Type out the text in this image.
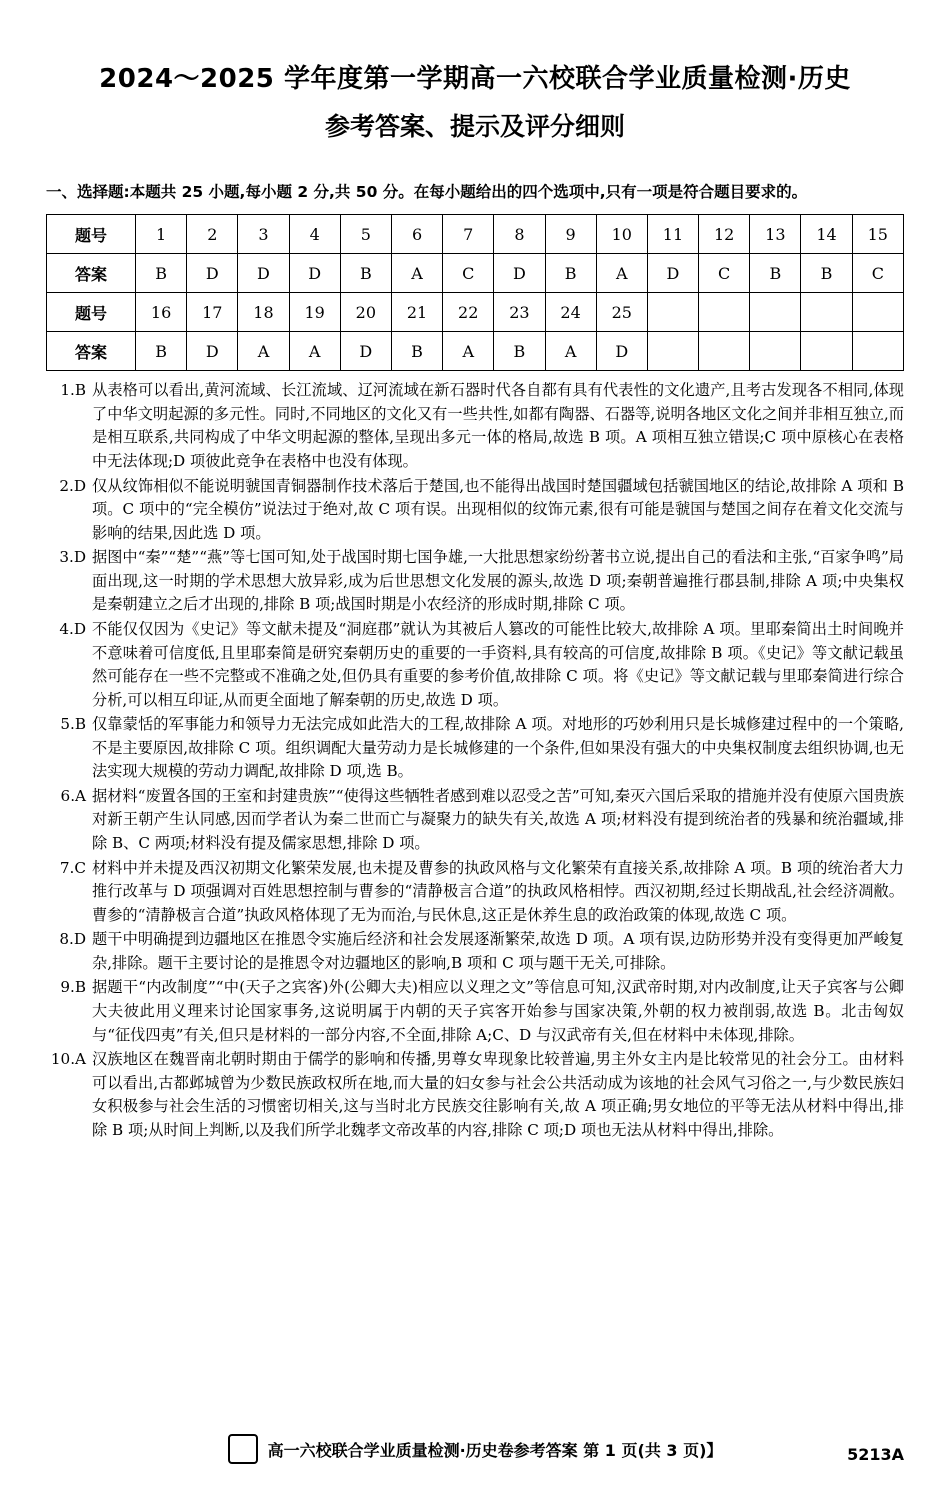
2024～2025 学年度第一学期高一六校联合学业质量检测·历史
参考答案、提示及评分细则
一、选择题:本题共 25 小题,每小题 2 分,共 50 分。在每小题给出的四个选项中,只有一项是符合题目要求的。
题号	1	2	3	4	5	6	7	8	9	10	11	12	13	14	15
答案	B	D	D	D	B	A	C	D	B	A	D	C	B	B	C
题号	16	17	18	19	20	21	22	23	24	25					
答案	B	D	A	A	D	B	A	B	A	D					
1.B 从表格可以看出,黄河流域、长江流域、辽河流域在新石器时代各自都有具有代表性的文化遗产,且考古发现各不相同,体现了中华文明起源的多元性。同时,不同地区的文化又有一些共性,如都有陶器、石器等,说明各地区文化之间并非相互独立,而是相互联系,共同构成了中华文明起源的整体,呈现出多元一体的格局,故选 B 项。A 项相互独立错误;C 项中原核心在表格中无法体现;D 项彼此竞争在表格中也没有体现。
2.D 仅从纹饰相似不能说明虢国青铜器制作技术落后于楚国,也不能得出战国时楚国疆域包括虢国地区的结论,故排除 A 项和 B 项。C 项中的“完全模仿”说法过于绝对,故 C 项有误。出现相似的纹饰元素,很有可能是虢国与楚国之间存在着文化交流与影响的结果,因此选 D 项。
3.D 据图中“秦”“楚”“燕”等七国可知,处于战国时期七国争雄,一大批思想家纷纷著书立说,提出自己的看法和主张,“百家争鸣”局面出现,这一时期的学术思想大放异彩,成为后世思想文化发展的源头,故选 D 项;秦朝普遍推行郡县制,排除 A 项;中央集权是秦朝建立之后才出现的,排除 B 项;战国时期是小农经济的形成时期,排除 C 项。
4.D 不能仅仅因为《史记》等文献未提及“洞庭郡”就认为其被后人篡改的可能性比较大,故排除 A 项。里耶秦简出土时间晚并不意味着可信度低,且里耶秦简是研究秦朝历史的重要的一手资料,具有较高的可信度,故排除 B 项。《史记》等文献记载虽然可能存在一些不完整或不准确之处,但仍具有重要的参考价值,故排除 C 项。将《史记》等文献记载与里耶秦简进行综合分析,可以相互印证,从而更全面地了解秦朝的历史,故选 D 项。
5.B 仅靠蒙恬的军事能力和领导力无法完成如此浩大的工程,故排除 A 项。对地形的巧妙利用只是长城修建过程中的一个策略,不是主要原因,故排除 C 项。组织调配大量劳动力是长城修建的一个条件,但如果没有强大的中央集权制度去组织协调,也无法实现大规模的劳动力调配,故排除 D 项,选 B。
6.A 据材料“废置各国的王室和封建贵族”“使得这些牺牲者感到难以忍受之苦”可知,秦灭六国后采取的措施并没有使原六国贵族对新王朝产生认同感,因而学者认为秦二世而亡与凝聚力的缺失有关,故选 A 项;材料没有提到统治者的残暴和统治疆域,排除 B、C 两项;材料没有提及儒家思想,排除 D 项。
7.C 材料中并未提及西汉初期文化繁荣发展,也未提及曹参的执政风格与文化繁荣有直接关系,故排除 A 项。B 项的统治者大力推行改革与 D 项强调对百姓思想控制与曹参的“清静极言合道”的执政风格相悖。西汉初期,经过长期战乱,社会经济凋敝。曹参的“清静极言合道”执政风格体现了无为而治,与民休息,这正是休养生息的政治政策的体现,故选 C 项。
8.D 题干中明确提到边疆地区在推恩令实施后经济和社会发展逐渐繁荣,故选 D 项。A 项有误,边防形势并没有变得更加严峻复杂,排除。题干主要讨论的是推恩令对边疆地区的影响,B 项和 C 项与题干无关,可排除。
9.B 据题干“内改制度”“中(天子之宾客)外(公卿大夫)相应以义理之文”等信息可知,汉武帝时期,对内改制度,让天子宾客与公卿大夫彼此用义理来讨论国家事务,这说明属于内朝的天子宾客开始参与国家决策,外朝的权力被削弱,故选 B。北击匈奴与“征伐四夷”有关,但只是材料的一部分内容,不全面,排除 A;C、D 与汉武帝有关,但在材料中未体现,排除。
10.A 汉族地区在魏晋南北朝时期由于儒学的影响和传播,男尊女卑现象比较普遍,男主外女主内是比较常见的社会分工。由材料可以看出,古都邺城曾为少数民族政权所在地,而大量的妇女参与社会公共活动成为该地的社会风气习俗之一,与少数民族妇女积极参与社会生活的习惯密切相关,这与当时北方民族交往影响有关,故 A 项正确;男女地位的平等无法从材料中得出,排除 B 项;从时间上判断,以及我们所学北魏孝文帝改革的内容,排除 C 项;D 项也无法从材料中得出,排除。
高一六校联合学业质量检测·历史卷参考答案 第 1 页(共 3 页)】	5213A
